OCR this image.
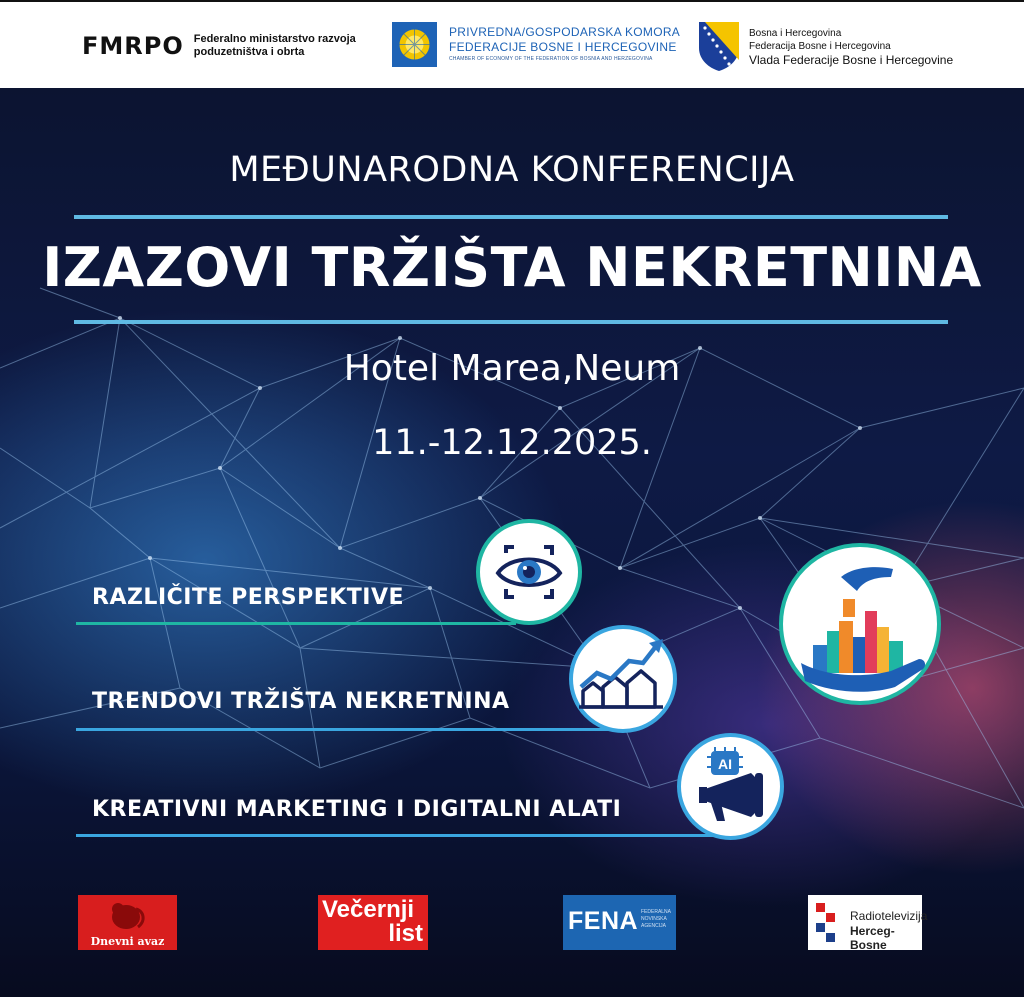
FMRPO Federalno ministarstvo razvoja
poduzetništva i obrta
PRIVREDNA/GOSPODARSKA KOMORA
FEDERACIJE BOSNE I HERCEGOVINE
CHAMBER OF ECONOMY OF THE FEDERATION OF BOSNIA AND HERZEGOVINA
Bosna i Hercegovina
Federacija Bosne i Hercegovina
Vlada Federacije Bosne i Hercegovine
MEĐUNARODNA KONFERENCIJA
IZAZOVI TRŽIŠTA NEKRETNINA
Hotel Marea,Neum
11.-12.12.2025.
RAZLIČITE PERSPEKTIVE
TRENDOVI TRŽIŠTA NEKRETNINA
KREATIVNI MARKETING I DIGITALNI ALATI
AI
Dnevni avaz
Večernji
list	FENA FEDERALNA NOVINSKA AGENCIJA
Radiotelevizija
Herceg-Bosne
